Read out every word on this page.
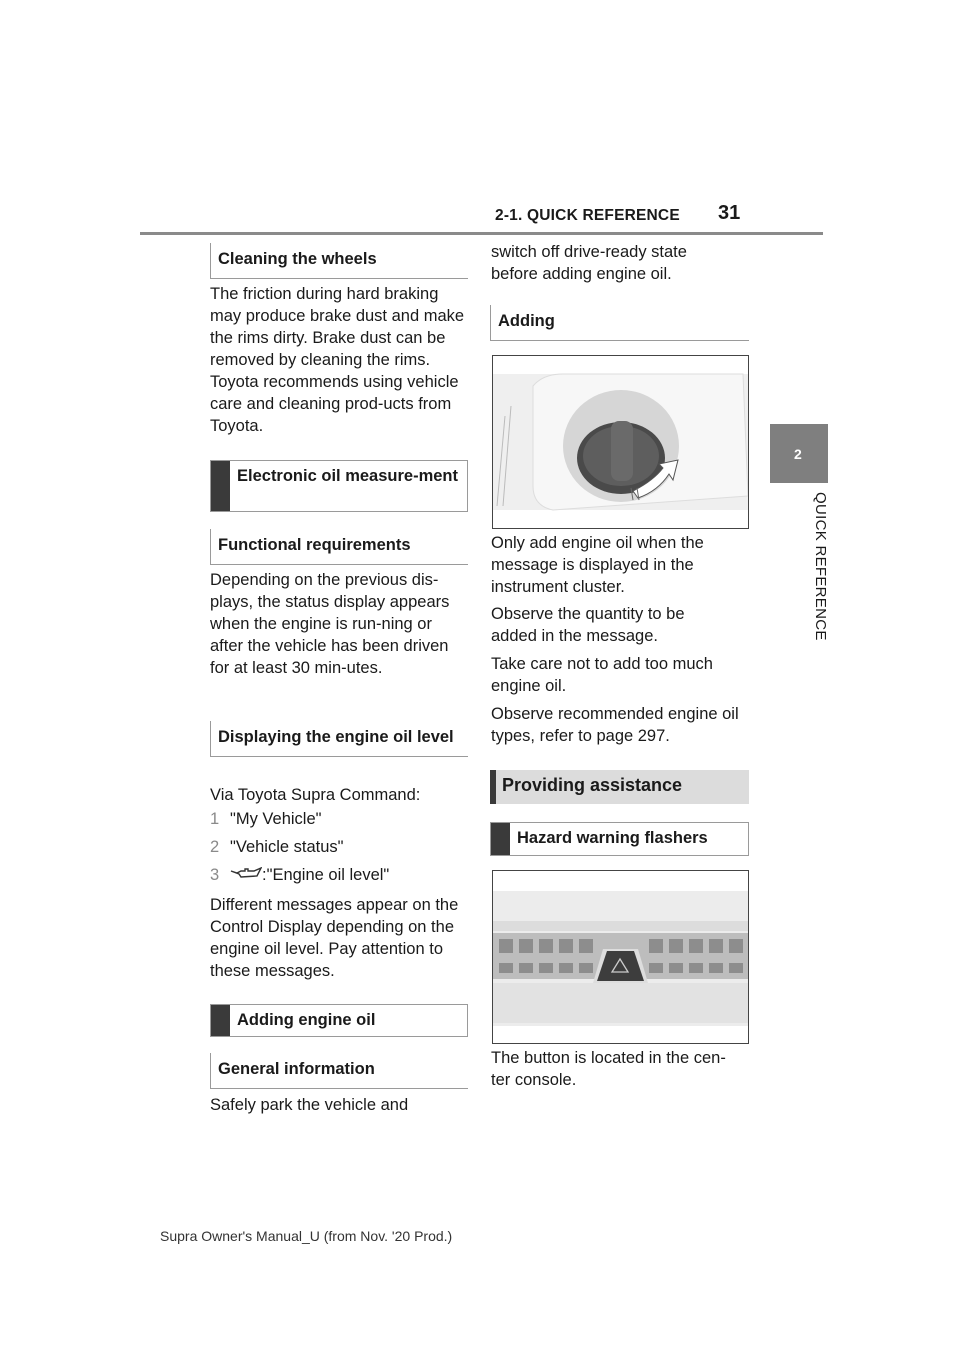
2-1. QUICK REFERENCE 31
2
QUICK REFERENCE
Cleaning the wheels

The friction during hard braking may produce brake dust and make the rims dirty. Brake dust can be removed by cleaning the rims. Toyota recommends using vehicle care and cleaning prod-ucts from Toyota.

Electronic oil measure-ment
Functional requirements

Depending on the previous dis-plays, the status display appears when the engine is run-ning or after the vehicle has been driven for at least 30 min-utes.

Displaying the engine oil level

Via Toyota Supra Command:

1 "My Vehicle"
2 "Vehicle status"
3	:"Engine oil level"

Different messages appear on the Control Display depending on the engine oil level. Pay attention to these messages.

Adding engine oil
General information

Safely park the vehicle and

switch off drive-ready state before adding engine oil.

Adding

Only add engine oil when the message is displayed in the instrument cluster.

Observe the quantity to be added in the message.

Take care not to add too much engine oil.

Observe recommended engine oil types, refer to page 297.

Providing assistance
Hazard warning flashers

The button is located in the cen-ter console.

Supra Owner's Manual_U (from Nov. '20 Prod.)
